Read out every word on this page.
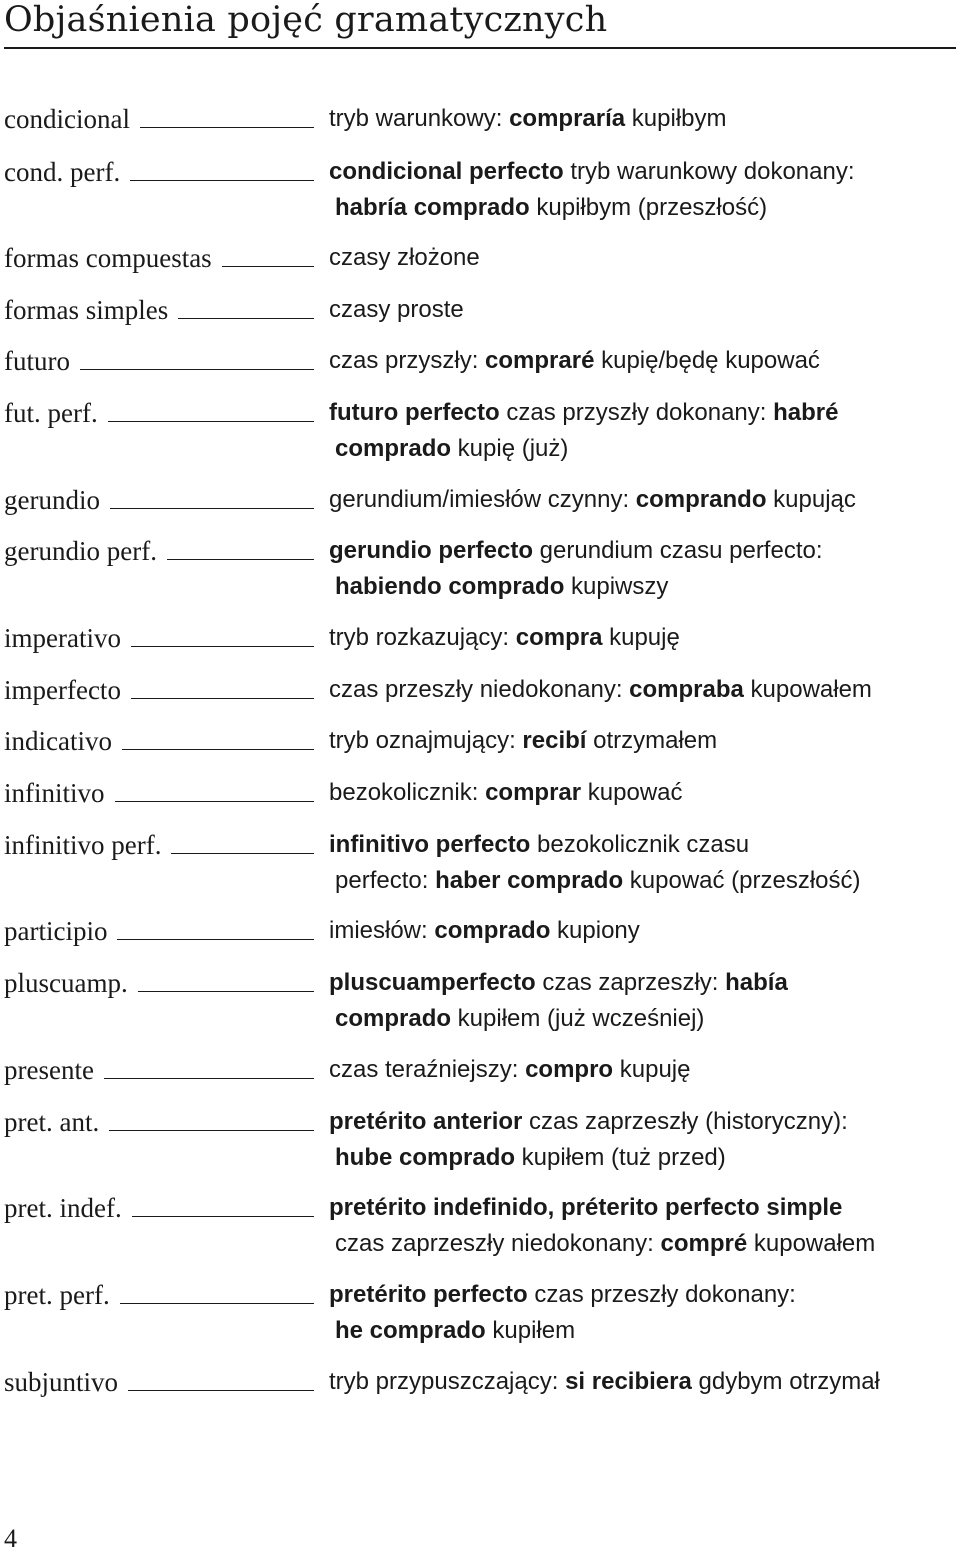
Objaśnienia pojęć gramatycznych
condicional	tryb warunkowy: compraría kupiłbym
cond. perf.	condicional perfecto tryb warunkowy dokonany:
habría comprado kupiłbym (przeszłość)
formas compuestas	czasy złożone
formas simples	czasy proste
futuro	czas przyszły: compraré kupię/będę kupować
fut. perf.	futuro perfecto czas przyszły dokonany: habré
comprado kupię (już)
gerundio	gerundium/imiesłów czynny: comprando kupując
gerundio perf.	gerundio perfecto gerundium czasu perfecto:
habiendo comprado kupiwszy
imperativo	tryb rozkazujący: compra kupuję
imperfecto	czas przeszły niedokonany: compraba kupowałem
indicativo	tryb oznajmujący: recibí otrzymałem
infinitivo	bezokolicznik: comprar kupować
infinitivo perf.	infinitivo perfecto bezokolicznik czasu
perfecto: haber comprado kupować (przeszłość)
participio	imiesłów: comprado kupiony
pluscuamp.	pluscuamperfecto czas zaprzeszły: había
comprado kupiłem (już wcześniej)
presente	czas teraźniejszy: compro kupuję
pret. ant.	pretérito anterior czas zaprzeszły (historyczny):
hube comprado kupiłem (tuż przed)
pret. indef.	pretérito indefinido, préterito perfecto simple
czas zaprzeszły niedokonany: compré kupowałem
pret. perf.	pretérito perfecto czas przeszły dokonany:
he comprado kupiłem
subjuntivo	tryb przypuszczający: si recibiera gdybym otrzymał
4
